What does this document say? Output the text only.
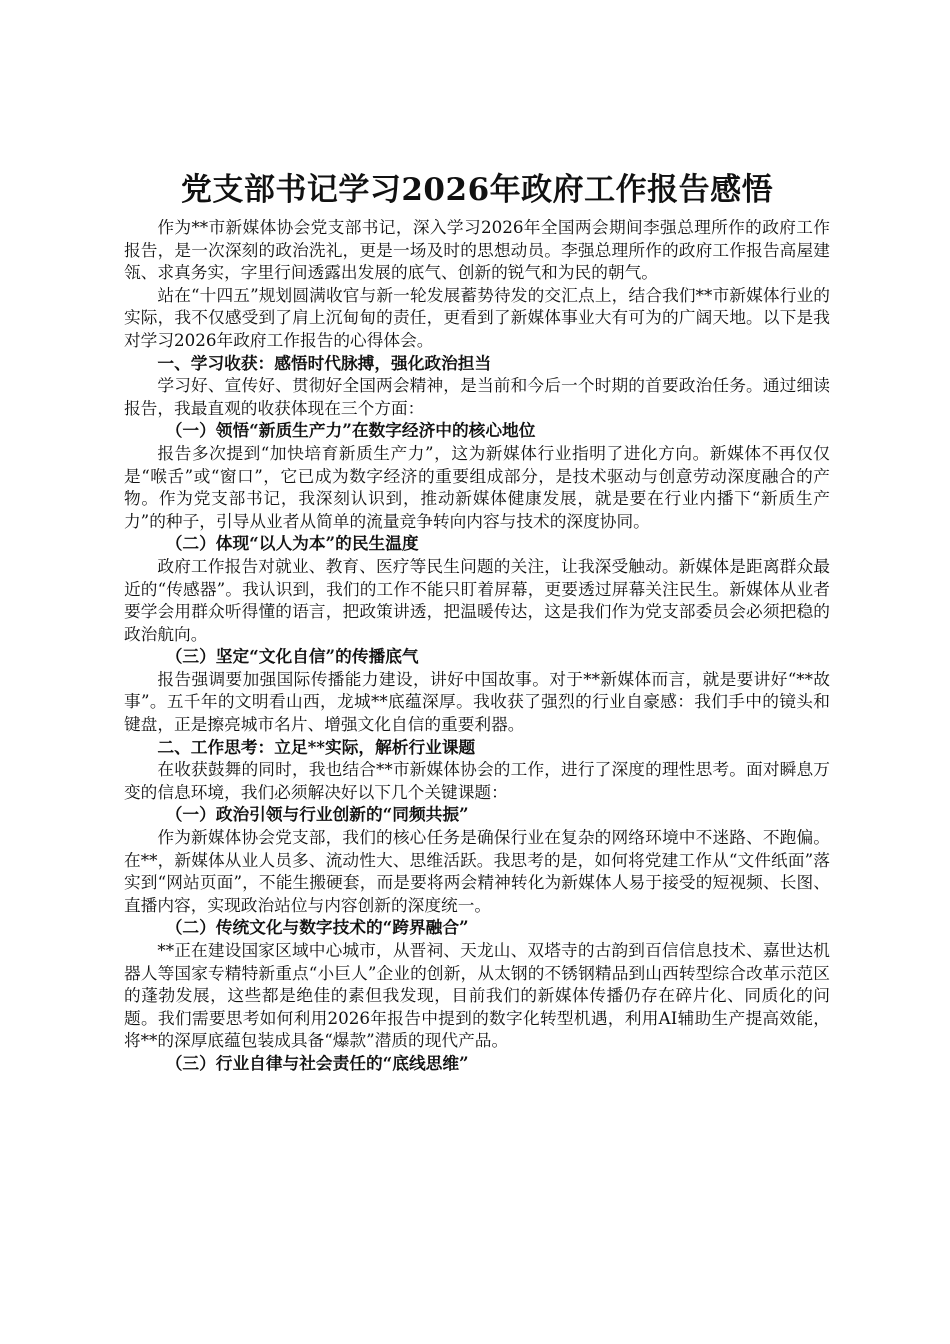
党支部书记学习2026年政府工作报告感悟

作为**市新媒体协会党支部书记，深入学习2026年全国两会期间李强总理所作的政府工作报告，是一次深刻的政治洗礼，更是一场及时的思想动员。李强总理所作的政府工作报告高屋建瓴、求真务实，字里行间透露出发展的底气、创新的锐气和为民的朝气。

站在“十四五”规划圆满收官与新一轮发展蓄势待发的交汇点上，结合我们**市新媒体行业的实际，我不仅感受到了肩上沉甸甸的责任，更看到了新媒体事业大有可为的广阔天地。以下是我对学习2026年政府工作报告的心得体会。

一、学习收获：感悟时代脉搏，强化政治担当

学习好、宣传好、贯彻好全国两会精神，是当前和今后一个时期的首要政治任务。通过细读报告，我最直观的收获体现在三个方面：

（一）领悟“新质生产力”在数字经济中的核心地位

报告多次提到“加快培育新质生产力”，这为新媒体行业指明了进化方向。新媒体不再仅仅是“喉舌”或“窗口”，它已成为数字经济的重要组成部分，是技术驱动与创意劳动深度融合的产物。作为党支部书记，我深刻认识到，推动新媒体健康发展，就是要在行业内播下“新质生产力”的种子，引导从业者从简单的流量竞争转向内容与技术的深度协同。

（二）体现“以人为本”的民生温度

政府工作报告对就业、教育、医疗等民生问题的关注，让我深受触动。新媒体是距离群众最近的“传感器”。我认识到，我们的工作不能只盯着屏幕，更要透过屏幕关注民生。新媒体从业者要学会用群众听得懂的语言，把政策讲透，把温暖传达，这是我们作为党支部委员会必须把稳的政治航向。

（三）坚定“文化自信”的传播底气

报告强调要加强国际传播能力建设，讲好中国故事。对于**新媒体而言，就是要讲好“**故事”。五千年的文明看山西，龙城**底蕴深厚。我收获了强烈的行业自豪感：我们手中的镜头和键盘，正是擦亮城市名片、增强文化自信的重要利器。

二、工作思考：立足**实际，解析行业课题

在收获鼓舞的同时，我也结合**市新媒体协会的工作，进行了深度的理性思考。面对瞬息万变的信息环境，我们必须解决好以下几个关键课题：

（一）政治引领与行业创新的“同频共振”

作为新媒体协会党支部，我们的核心任务是确保行业在复杂的网络环境中不迷路、不跑偏。在**，新媒体从业人员多、流动性大、思维活跃。我思考的是，如何将党建工作从“文件纸面”落实到“网站页面”，不能生搬硬套，而是要将两会精神转化为新媒体人易于接受的短视频、长图、直播内容，实现政治站位与内容创新的深度统一。

（二）传统文化与数字技术的“跨界融合”

**正在建设国家区域中心城市，从晋祠、天龙山、双塔寺的古韵到百信信息技术、嘉世达机器人等国家专精特新重点“小巨人”企业的创新，从太钢的不锈钢精品到山西转型综合改革示范区的蓬勃发展，这些都是绝佳的素但我发现，目前我们的新媒体传播仍存在碎片化、同质化的问题。我们需要思考如何利用2026年报告中提到的数字化转型机遇，利用AI辅助生产提高效能，将**的深厚底蕴包装成具备“爆款”潜质的现代产品。

（三）行业自律与社会责任的“底线思维”
